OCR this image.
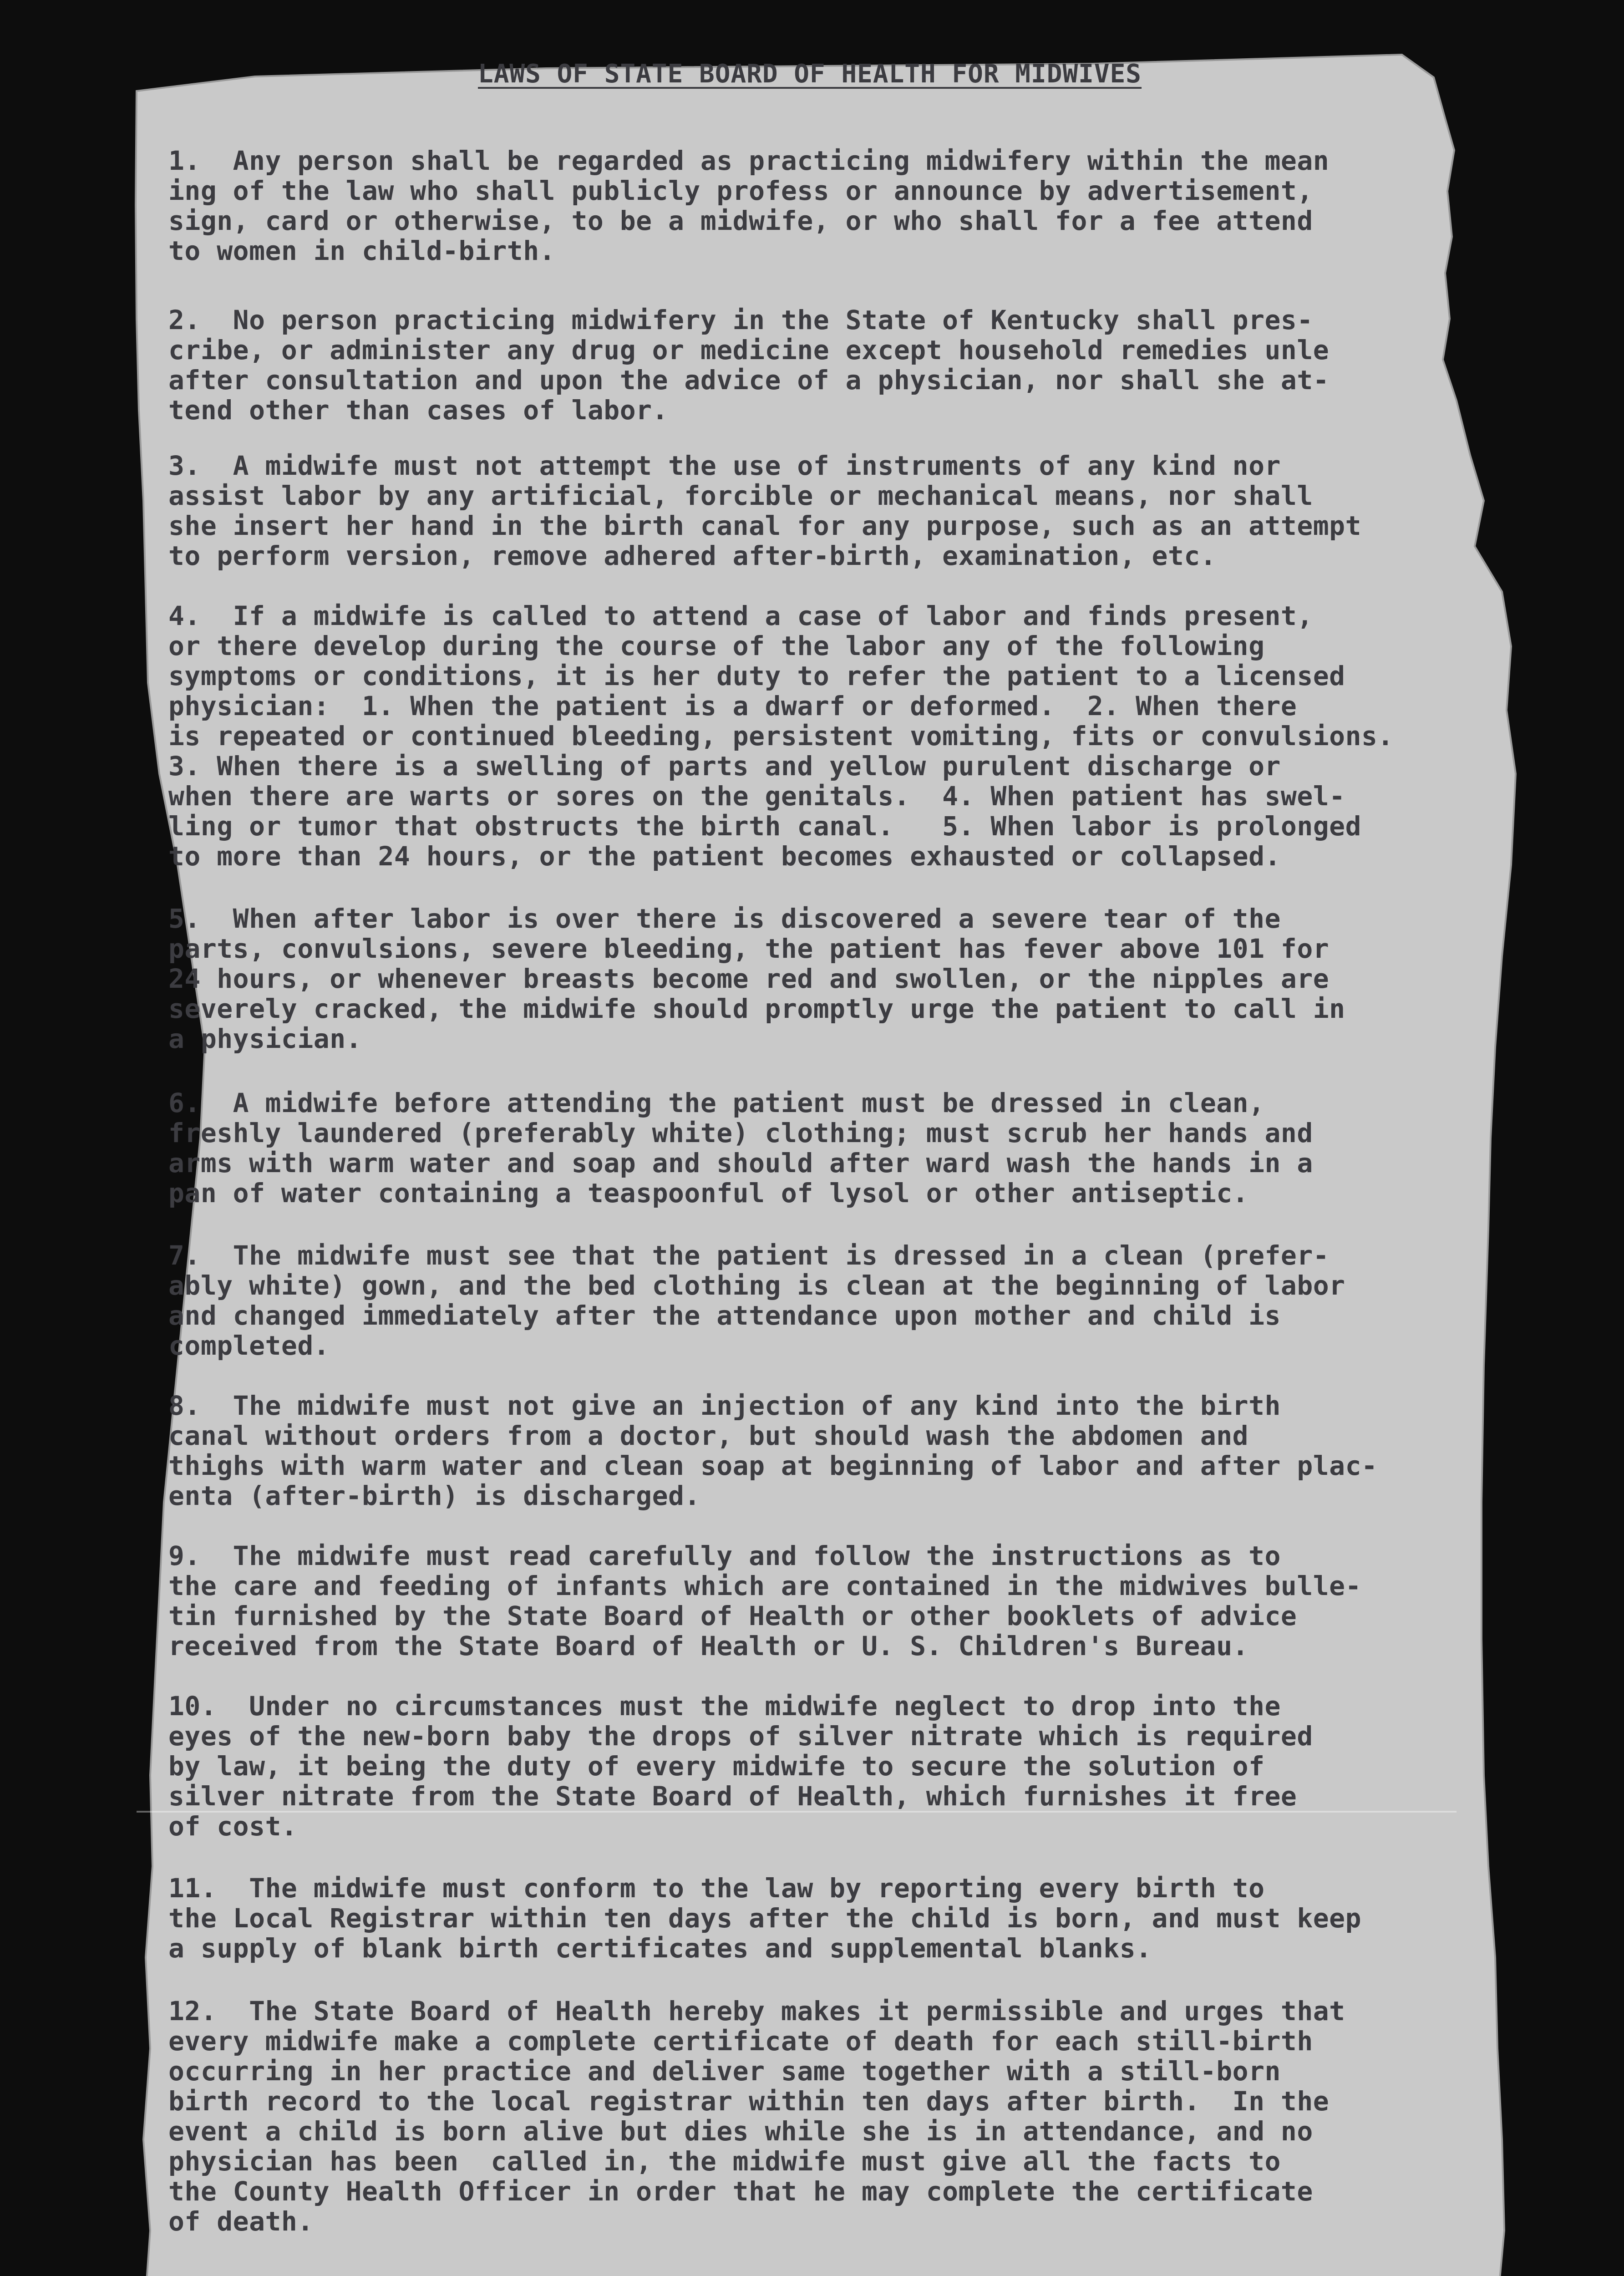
LAWS OF STATE BOARD OF HEALTH FOR MIDWIVES
1.  Any person shall be regarded as practicing midwifery within the mean
ing of the law who shall publicly profess or announce by advertisement,
sign, card or otherwise, to be a midwife, or who shall for a fee attend
to women in child-birth.
2.  No person practicing midwifery in the State of Kentucky shall pres-
cribe, or administer any drug or medicine except household remedies unle
after consultation and upon the advice of a physician, nor shall she at-
tend other than cases of labor.
3.  A midwife must not attempt the use of instruments of any kind nor
assist labor by any artificial, forcible or mechanical means, nor shall
she insert her hand in the birth canal for any purpose, such as an attempt
to perform version, remove adhered after-birth, examination, etc.
4.  If a midwife is called to attend a case of labor and finds present,
or there develop during the course of the labor any of the following
symptoms or conditions, it is her duty to refer the patient to a licensed
physician:  1. When the patient is a dwarf or deformed.  2. When there
is repeated or continued bleeding, persistent vomiting, fits or convulsions.
3. When there is a swelling of parts and yellow purulent discharge or
when there are warts or sores on the genitals.  4. When patient has swel-
ling or tumor that obstructs the birth canal.   5. When labor is prolonged
to more than 24 hours, or the patient becomes exhausted or collapsed.
5.  When after labor is over there is discovered a severe tear of the
parts, convulsions, severe bleeding, the patient has fever above 101 for
24 hours, or whenever breasts become red and swollen, or the nipples are
severely cracked, the midwife should promptly urge the patient to call in
a physician.
6.  A midwife before attending the patient must be dressed in clean,
freshly laundered (preferably white) clothing; must scrub her hands and
arms with warm water and soap and should after ward wash the hands in a
pan of water containing a teaspoonful of lysol or other antiseptic.
7.  The midwife must see that the patient is dressed in a clean (prefer-
ably white) gown, and the bed clothing is clean at the beginning of labor
and changed immediately after the attendance upon mother and child is
completed.
8.  The midwife must not give an injection of any kind into the birth
canal without orders from a doctor, but should wash the abdomen and
thighs with warm water and clean soap at beginning of labor and after plac-
enta (after-birth) is discharged.
9.  The midwife must read carefully and follow the instructions as to
the care and feeding of infants which are contained in the midwives bulle-
tin furnished by the State Board of Health or other booklets of advice
received from the State Board of Health or U. S. Children's Bureau.
10.  Under no circumstances must the midwife neglect to drop into the
eyes of the new-born baby the drops of silver nitrate which is required
by law, it being the duty of every midwife to secure the solution of
silver nitrate from the State Board of Health, which furnishes it free
of cost.
11.  The midwife must conform to the law by reporting every birth to
the Local Registrar within ten days after the child is born, and must keep
a supply of blank birth certificates and supplemental blanks.
12.  The State Board of Health hereby makes it permissible and urges that
every midwife make a complete certificate of death for each still-birth
occurring in her practice and deliver same together with a still-born
birth record to the local registrar within ten days after birth.  In the
event a child is born alive but dies while she is in attendance, and no
physician has been  called in, the midwife must give all the facts to
the County Health Officer in order that he may complete the certificate
of death.
